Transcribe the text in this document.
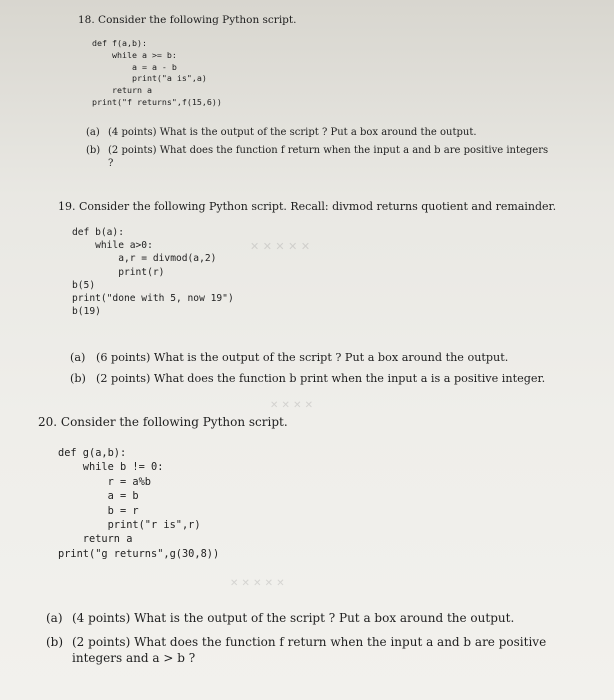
✕ ✕ ✕ ✕ ✕
✕ ✕ ✕ ✕
✕ ✕ ✕ ✕ ✕
18. Consider the following Python script.
def f(a,b):
while a >= b:
a = a - b
print("a is",a)
return a
print("f returns",f(15,6))
(a) (4 points) What is the output of the script ? Put a box around the output.
(b) (2 points) What does the function f return when the input a and b are positive integers ?
19. Consider the following Python script. Recall: divmod returns quotient and remainder.
def b(a):
while a>0:
a,r = divmod(a,2)
print(r)
b(5)
print("done with 5, now 19")
b(19)
(a) (6 points) What is the output of the script ? Put a box around the output.
(b) (2 points) What does the function b print when the input a is a positive integer.
20. Consider the following Python script.
def g(a,b):
while b != 0:
r = a%b
a = b
b = r
print("r is",r)
return a
print("g returns",g(30,8))
(a) (4 points) What is the output of the script ? Put a box around the output.
(b) (2 points) What does the function f return when the input a and b are positive integers and a > b ?
